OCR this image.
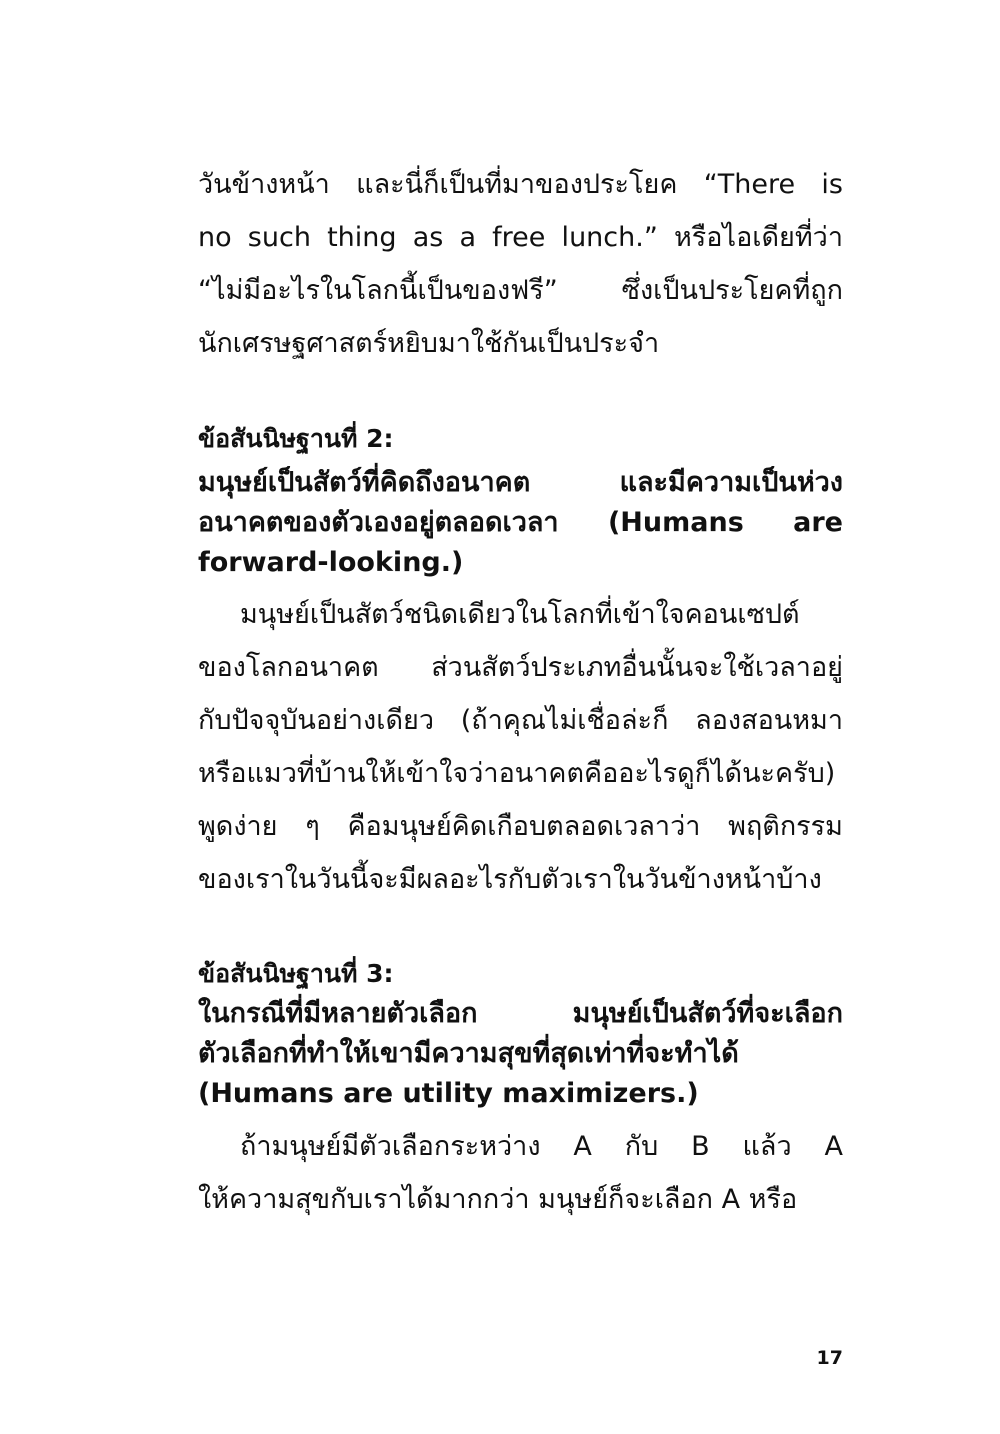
วันข้างหน้า และนี่ก็เป็นที่มาของประโยค “There is
no such thing as a free lunch.” หรือไอเดียที่ว่า
“ไม่มีอะไรในโลกนี้เป็นของฟรี” ซึ่งเป็นประโยคที่ถูก
นักเศรษฐศาสตร์หยิบมาใช้กันเป็นประจำ
ข้อสันนิษฐานที่ 2:
มนุษย์เป็นสัตว์ที่คิดถึงอนาคต และมีความเป็นห่วง
อนาคตของตัวเองอยู่ตลอดเวลา (Humans are
forward-looking.)
มนุษย์เป็นสัตว์ชนิดเดียวในโลกที่เข้าใจคอนเซปต์
ของโลกอนาคต ส่วนสัตว์ประเภทอื่นนั้นจะใช้เวลาอยู่
กับปัจจุบันอย่างเดียว (ถ้าคุณไม่เชื่อล่ะก็ ลองสอนหมา
หรือแมวที่บ้านให้เข้าใจว่าอนาคตคืออะไรดูก็ได้นะครับ)
พูดง่าย ๆ คือมนุษย์คิดเกือบตลอดเวลาว่า พฤติกรรม
ของเราในวันนี้จะมีผลอะไรกับตัวเราในวันข้างหน้าบ้าง
ข้อสันนิษฐานที่ 3:
ในกรณีที่มีหลายตัวเลือก มนุษย์เป็นสัตว์ที่จะเลือก
ตัวเลือกที่ทำให้เขามีความสุขที่สุดเท่าที่จะทำได้
(Humans are utility maximizers.)
ถ้ามนุษย์มีตัวเลือกระหว่าง A กับ B แล้ว A
ให้ความสุขกับเราได้มากกว่า มนุษย์ก็จะเลือก A หรือ
17
